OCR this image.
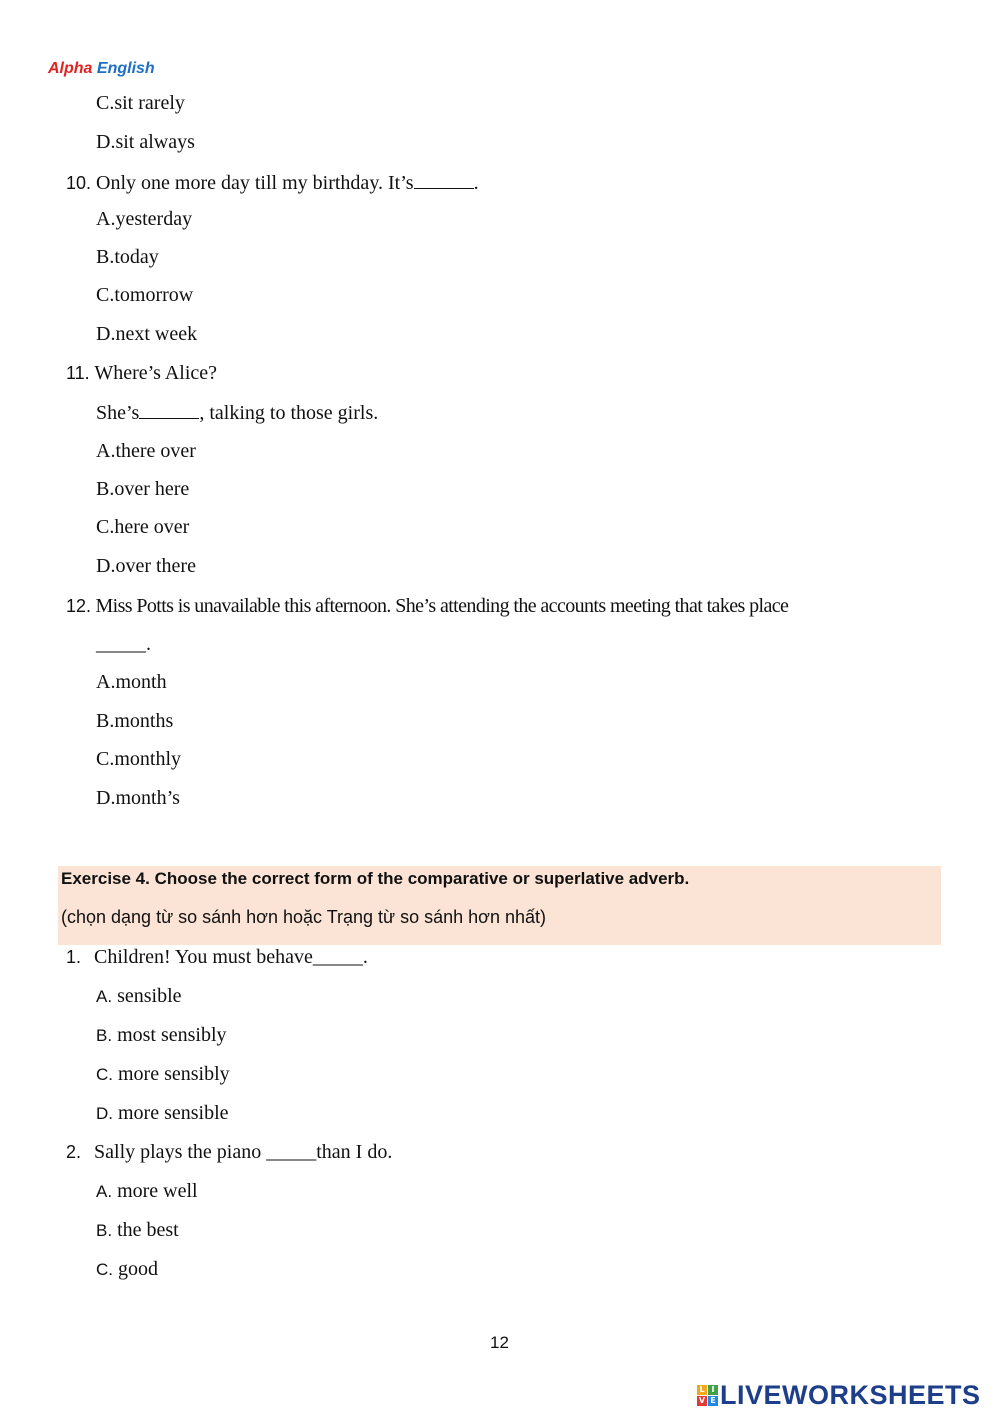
Alpha English
C.sit rarely
D.sit always
10. Only one more day till my birthday. It’s	.
A.yesterday
B.today
C.tomorrow
D.next week
11. Where’s Alice?
She’s	, talking to those girls.
A.there over
B.over here
C.here over
D.over there
12. Miss Potts is unavailable this afternoon. She’s attending the accounts meeting that takes place
_____.
A.month
B.months
C.monthly
D.month’s
Exercise 4. Choose the correct form of the comparative or superlative adverb.
(chọn dạng từ so sánh hơn hoặc Trạng từ so sánh hơn nhất)
1. Children! You must behave_____.
A. sensible
B. most sensibly
C. more sensibly
D. more sensible
2. Sally plays the piano _____than I do.
A. more well
B. the best
C. good
12
L I
V E LIVEWORKSHEETS
